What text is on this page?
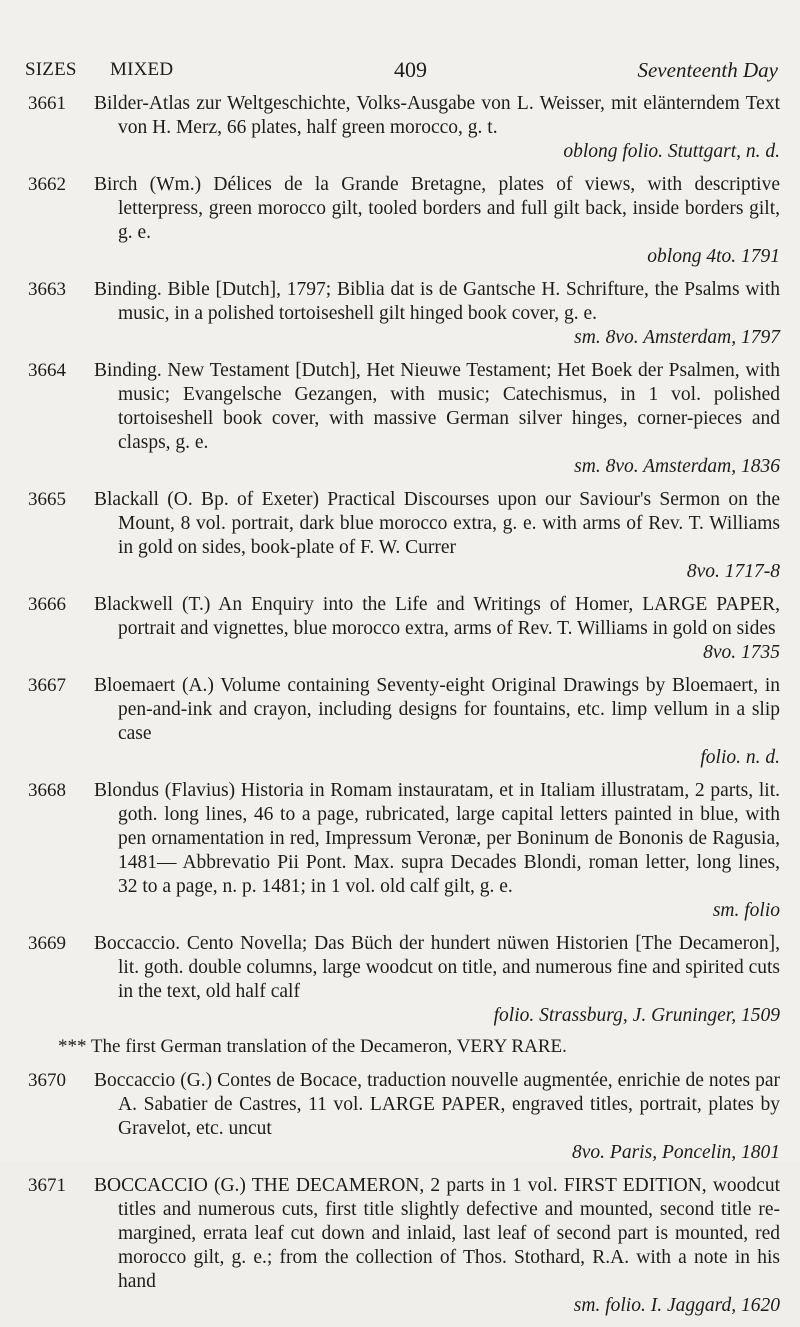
SIZES MIXED	409	Seventeenth Day
3661	Bilder-Atlas zur Weltgeschichte, Volks-Ausgabe von L. Weisser, mit elänterndem Text von H. Merz, 66 plates, half green morocco, g. t.
oblong folio. Stuttgart, n. d.
3662	Birch (Wm.) Délices de la Grande Bretagne, plates of views, with descriptive letterpress, green morocco gilt, tooled borders and full gilt back, inside borders gilt, g. e.
oblong 4to. 1791
3663	Binding. Bible [Dutch], 1797; Biblia dat is de Gantsche H. Schrifture, the Psalms with music, in a polished tortoiseshell gilt hinged book cover, g. e.
sm. 8vo. Amsterdam, 1797
3664	Binding. New Testament [Dutch], Het Nieuwe Testament; Het Boek der Psalmen, with music; Evangelsche Gezangen, with music; Catechismus, in 1 vol. polished tortoiseshell book cover, with massive German silver hinges, corner-pieces and clasps, g. e.
sm. 8vo. Amsterdam, 1836
3665	Blackall (O. Bp. of Exeter) Practical Discourses upon our Saviour's Sermon on the Mount, 8 vol. portrait, dark blue morocco extra, g. e. with arms of Rev. T. Williams in gold on sides, book-plate of F. W. Currer
8vo. 1717-8
3666	Blackwell (T.) An Enquiry into the Life and Writings of Homer, LARGE PAPER, portrait and vignettes, blue morocco extra, arms of Rev. T. Williams in gold on sides
8vo. 1735
3667	Bloemaert (A.) Volume containing Seventy-eight Original Drawings by Bloemaert, in pen-and-ink and crayon, including designs for fountains, etc. limp vellum in a slip case
folio. n. d.
3668	Blondus (Flavius) Historia in Romam instauratam, et in Italiam illustratam, 2 parts, lit. goth. long lines, 46 to a page, rubricated, large capital letters painted in blue, with pen ornamentation in red, Impressum Veronæ, per Boninum de Bononis de Ragusia, 1481— Abbrevatio Pii Pont. Max. supra Decades Blondi, roman letter, long lines, 32 to a page, n. p. 1481; in 1 vol. old calf gilt, g. e.
sm. folio
3669	Boccaccio. Cento Novella; Das Büch der hundert nüwen Historien [The Decameron], lit. goth. double columns, large woodcut on title, and numerous fine and spirited cuts in the text, old half calf
folio. Strassburg, J. Gruninger, 1509
*** The first German translation of the Decameron, VERY RARE.
3670	Boccaccio (G.) Contes de Bocace, traduction nouvelle augmentée, enrichie de notes par A. Sabatier de Castres, 11 vol. LARGE PAPER, engraved titles, portrait, plates by Gravelot, etc. uncut
8vo. Paris, Poncelin, 1801
3671	BOCCACCIO (G.) THE DECAMERON, 2 parts in 1 vol. FIRST EDITION, woodcut titles and numerous cuts, first title slightly defective and mounted, second title re-margined, errata leaf cut down and inlaid, last leaf of second part is mounted, red morocco gilt, g. e.; from the collection of Thos. Stothard, R.A. with a note in his hand
sm. folio. I. Jaggard, 1620
